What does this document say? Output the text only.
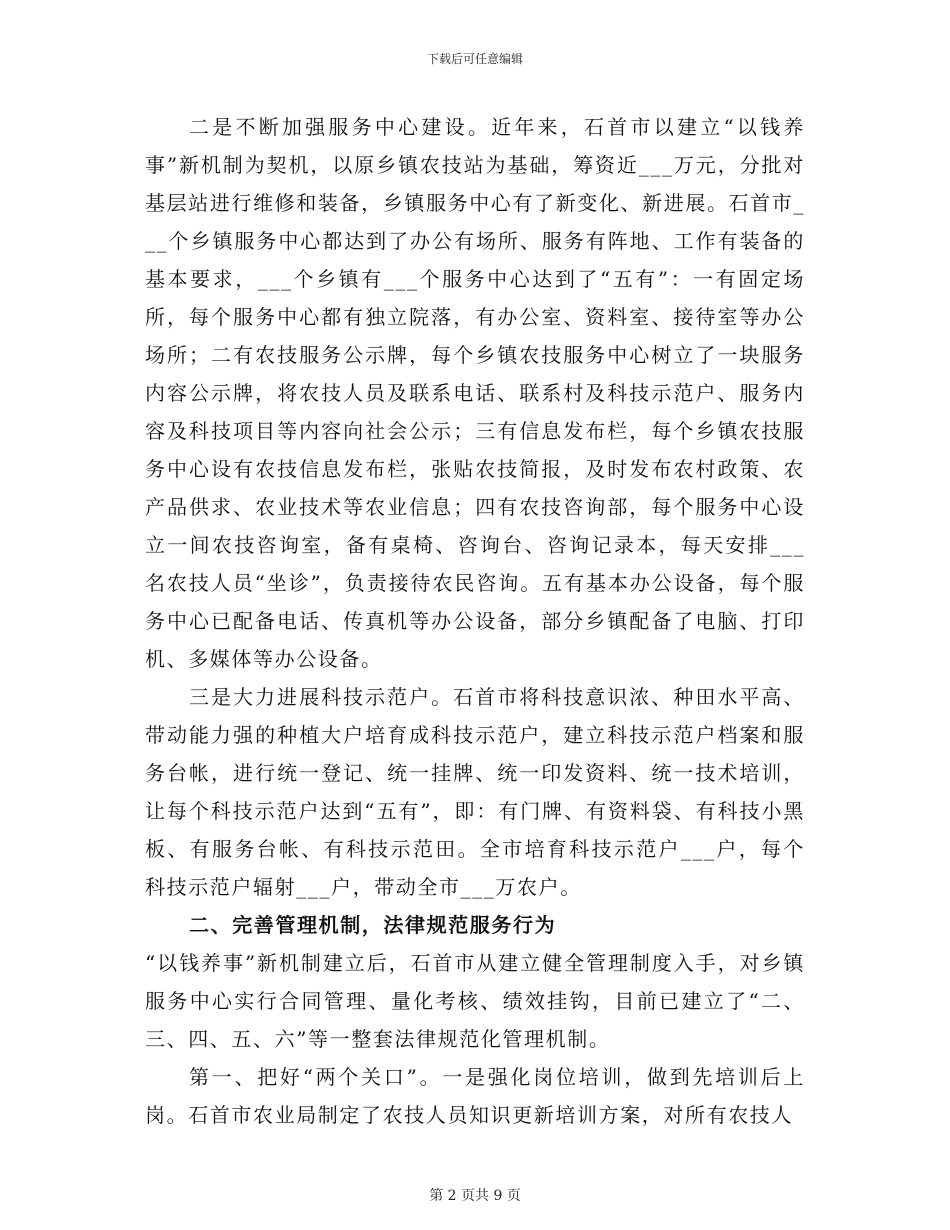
下载后可任意编辑

二是不断加强服务中心建设。近年来，石首市以建立“以钱养事”新机制为契机，以原乡镇农技站为基础，筹资近___万元，分批对基层站进行维修和装备，乡镇服务中心有了新变化、新进展。石首市___个乡镇服务中心都达到了办公有场所、服务有阵地、工作有装备的基本要求，___个乡镇有___个服务中心达到了“五有”：一有固定场所，每个服务中心都有独立院落，有办公室、资料室、接待室等办公场所；二有农技服务公示牌，每个乡镇农技服务中心树立了一块服务内容公示牌，将农技人员及联系电话、联系村及科技示范户、服务内容及科技项目等内容向社会公示；三有信息发布栏，每个乡镇农技服务中心设有农技信息发布栏，张贴农技简报，及时发布农村政策、农产品供求、农业技术等农业信息；四有农技咨询部，每个服务中心设立一间农技咨询室，备有桌椅、咨询台、咨询记录本，每天安排___名农技人员“坐诊”，负责接待农民咨询。五有基本办公设备，每个服务中心已配备电话、传真机等办公设备，部分乡镇配备了电脑、打印机、多媒体等办公设备。

三是大力进展科技示范户。石首市将科技意识浓、种田水平高、带动能力强的种植大户培育成科技示范户，建立科技示范户档案和服务台帐，进行统一登记、统一挂牌、统一印发资料、统一技术培训，让每个科技示范户达到“五有”，即：有门牌、有资料袋、有科技小黑板、有服务台帐、有科技示范田。全市培育科技示范户___户，每个科技示范户辐射___户，带动全市___万农户。

二、完善管理机制，法律规范服务行为

“以钱养事”新机制建立后，石首市从建立健全管理制度入手，对乡镇服务中心实行合同管理、量化考核、绩效挂钩，目前已建立了“二、三、四、五、六”等一整套法律规范化管理机制。

第一、把好“两个关口”。一是强化岗位培训，做到先培训后上岗。石首市农业局制定了农技人员知识更新培训方案，对所有农技人

第 2 页共 9 页
